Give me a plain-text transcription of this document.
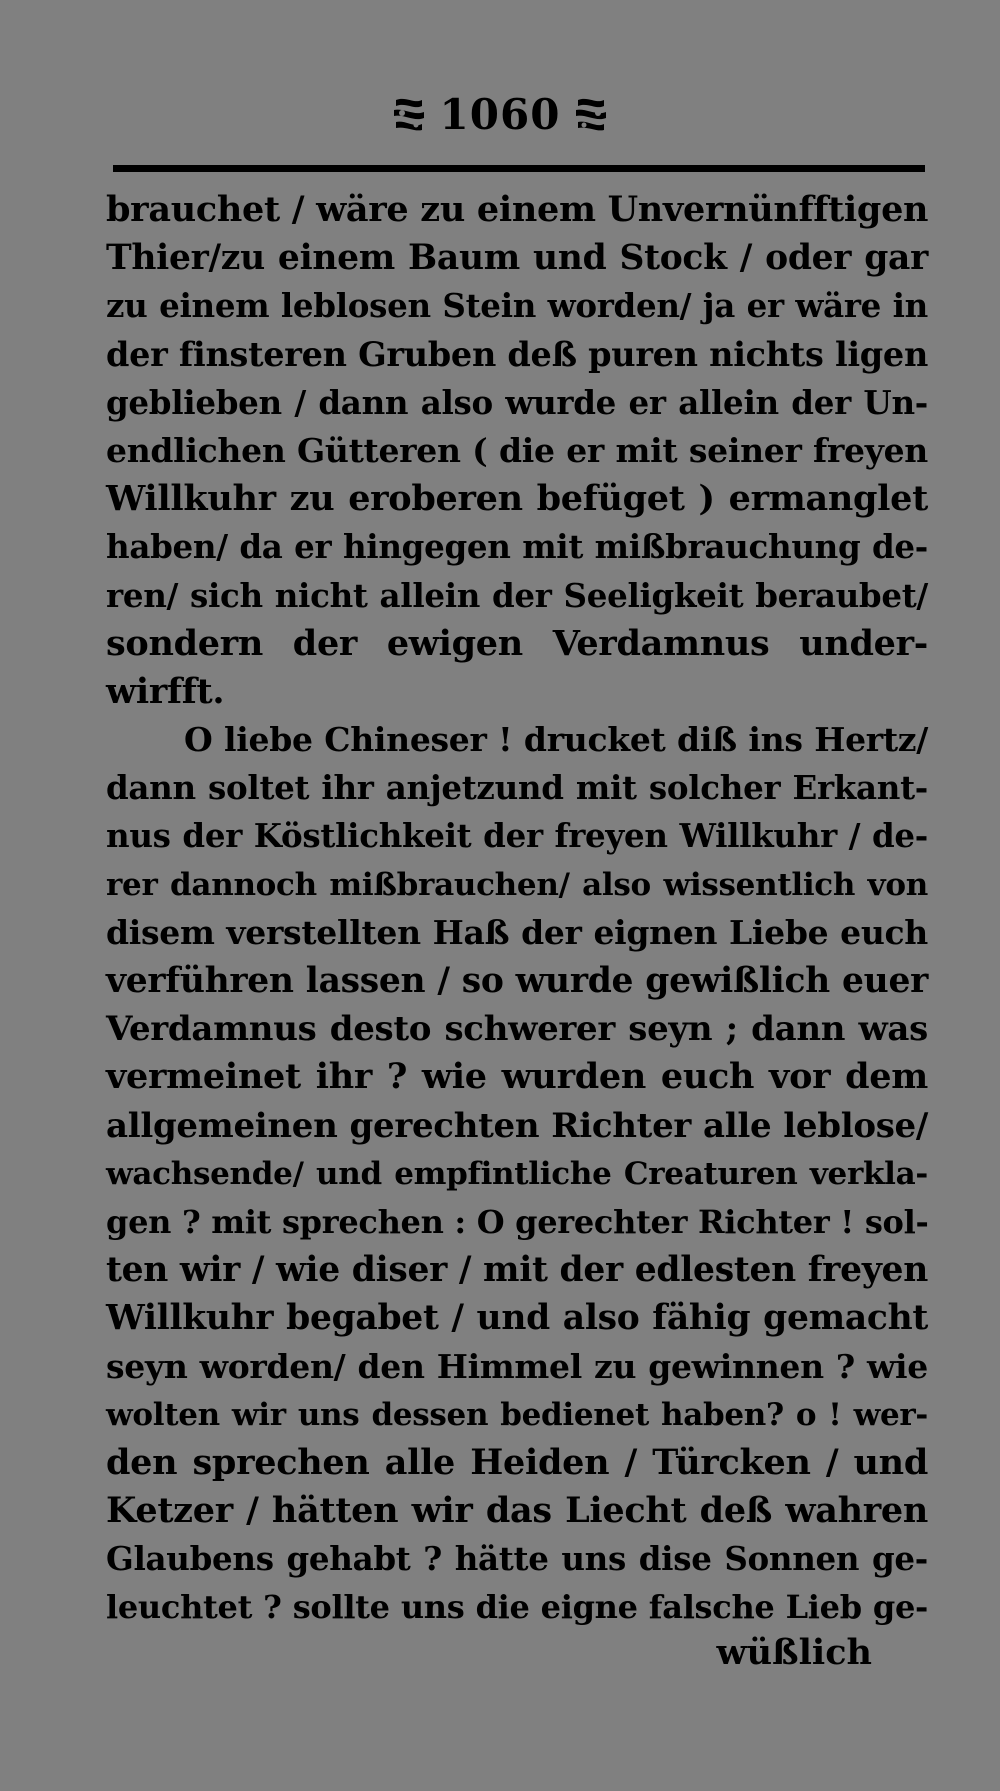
1060
brauchet / wäre zu einem Unvernünfftigen
Thier/zu einem Baum und Stock / oder gar
zu einem leblosen Stein worden/ ja er wäre in
der finsteren Gruben deß puren nichts ligen
geblieben / dann also wurde er allein der Un-
endlichen Gütteren ( die er mit seiner freyen
Willkuhr zu eroberen befüget ) ermanglet
haben/ da er hingegen mit mißbrauchung de-
ren/ sich nicht allein der Seeligkeit beraubet/
sondern der ewigen Verdamnus under-
wirfft.
O liebe Chineser ! drucket diß ins Hertz/
dann soltet ihr anjetzund mit solcher Erkant-
nus der Köstlichkeit der freyen Willkuhr / de-
rer dannoch mißbrauchen/ also wissentlich von
disem verstellten Haß der eignen Liebe euch
verführen lassen / so wurde gewißlich euer
Verdamnus desto schwerer seyn ; dann was
vermeinet ihr ? wie wurden euch vor dem
allgemeinen gerechten Richter alle leblose/
wachsende/ und empfintliche Creaturen verkla-
gen ? mit sprechen : O gerechter Richter ! sol-
ten wir / wie diser / mit der edlesten freyen
Willkuhr begabet / und also fähig gemacht
seyn worden/ den Himmel zu gewinnen ? wie
wolten wir uns dessen bedienet haben? o ! wer-
den sprechen alle Heiden / Türcken / und
Ketzer / hätten wir das Liecht deß wahren
Glaubens gehabt ? hätte uns dise Sonnen ge-
leuchtet ? sollte uns die eigne falsche Lieb ge-
wüßlich
